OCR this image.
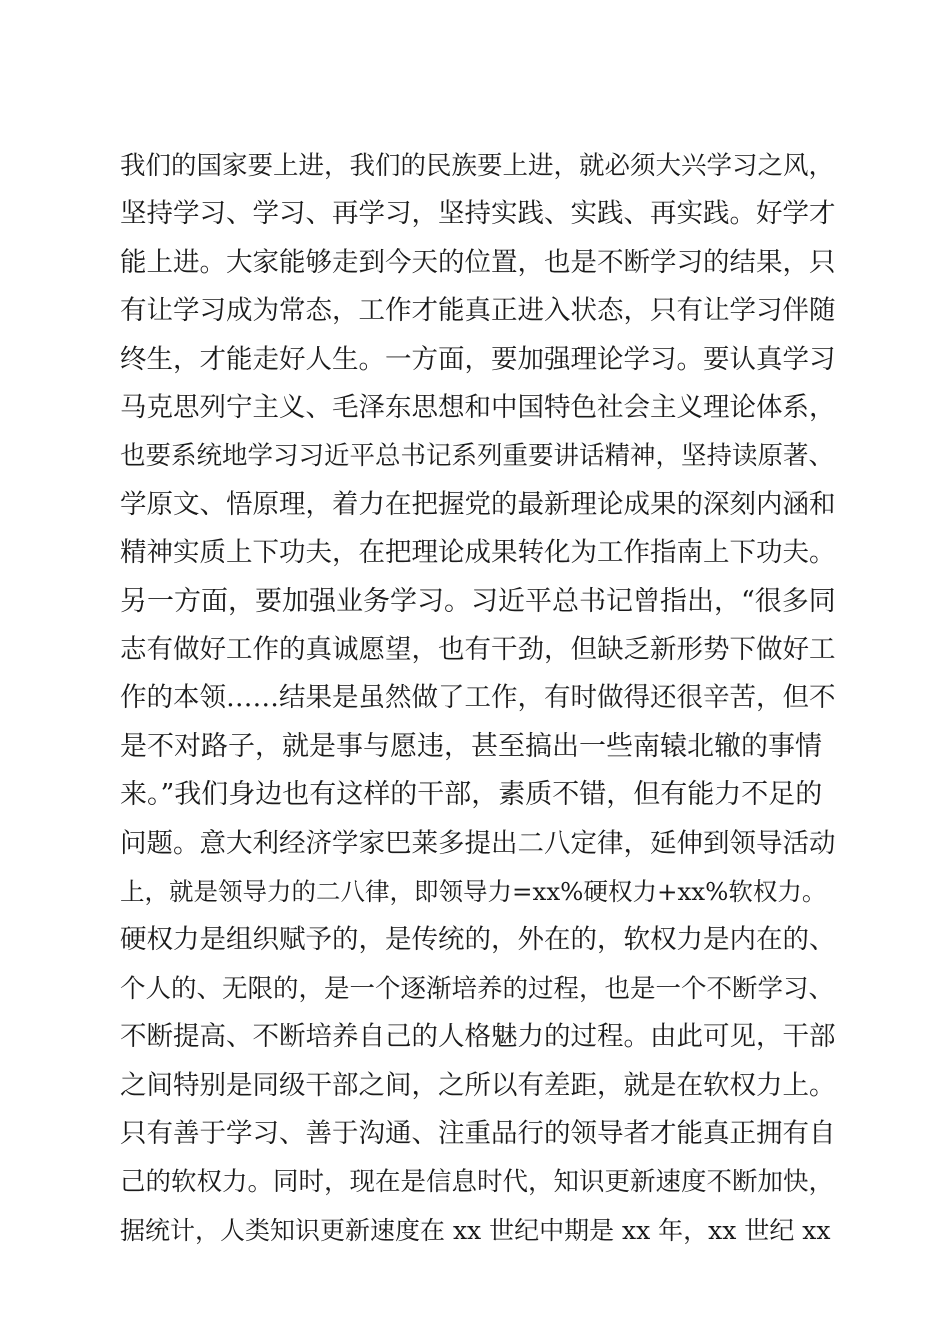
我们的国家要上进，我们的民族要上进，就必须大兴学习之风，
坚持学习、学习、再学习，坚持实践、实践、再实践。好学才
能上进。大家能够走到今天的位置，也是不断学习的结果，只
有让学习成为常态，工作才能真正进入状态，只有让学习伴随
终生，才能走好人生。一方面，要加强理论学习。要认真学习
马克思列宁主义、毛泽东思想和中国特色社会主义理论体系，
也要系统地学习习近平总书记系列重要讲话精神，坚持读原著、
学原文、悟原理，着力在把握党的最新理论成果的深刻内涵和
精神实质上下功夫，在把理论成果转化为工作指南上下功夫。
另一方面，要加强业务学习。习近平总书记曾指出，“很多同
志有做好工作的真诚愿望，也有干劲，但缺乏新形势下做好工
作的本领……结果是虽然做了工作，有时做得还很辛苦，但不
是不对路子，就是事与愿违，甚至搞出一些南辕北辙的事情
来。”我们身边也有这样的干部，素质不错，但有能力不足的
问题。意大利经济学家巴莱多提出二八定律，延伸到领导活动
上，就是领导力的二八律，即领导力=xx%硬权力+xx%软权力。
硬权力是组织赋予的，是传统的，外在的，软权力是内在的、
个人的、无限的，是一个逐渐培养的过程，也是一个不断学习、
不断提高、不断培养自己的人格魅力的过程。由此可见，干部
之间特别是同级干部之间，之所以有差距，就是在软权力上。
只有善于学习、善于沟通、注重品行的领导者才能真正拥有自
己的软权力。同时，现在是信息时代，知识更新速度不断加快，
据统计，人类知识更新速度在 xx 世纪中期是 xx 年，xx 世纪 xx
